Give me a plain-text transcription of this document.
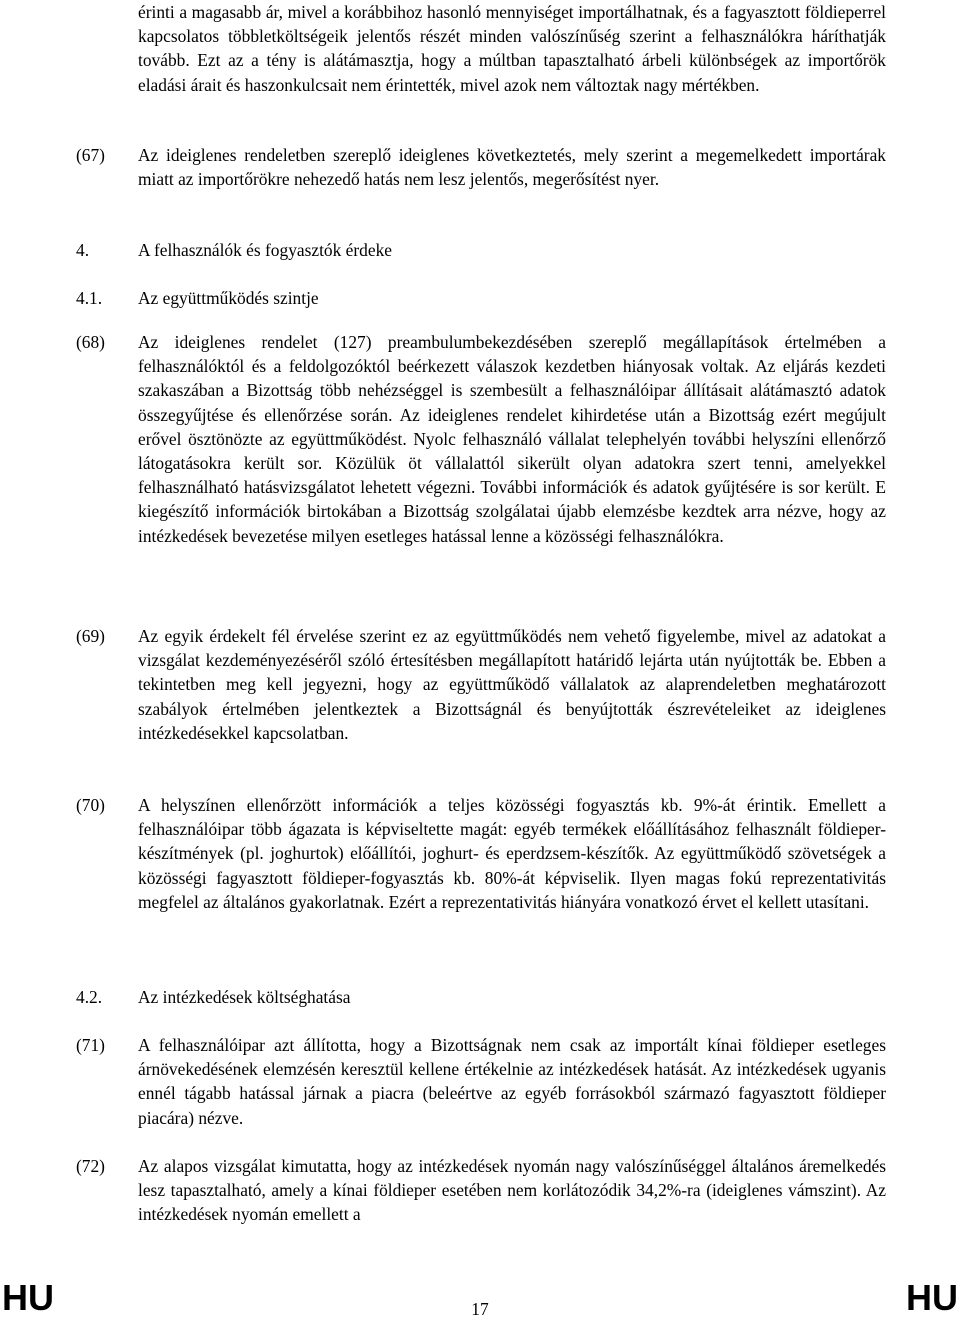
érinti a magasabb ár, mivel a korábbihoz hasonló mennyiséget importálhatnak, és a fagyasztott földieperrel kapcsolatos többletköltségeik jelentős részét minden valószínűség szerint a felhasználókra háríthatják tovább. Ezt az a tény is alátámasztja, hogy a múltban tapasztalható árbeli különbségek az importőrök eladási árait és haszonkulcsait nem érintették, mivel azok nem változtak nagy mértékben.
(67) Az ideiglenes rendeletben szereplő ideiglenes következtetés, mely szerint a megemelkedett importárak miatt az importőrökre nehezedő hatás nem lesz jelentős, megerősítést nyer.
4.	A felhasználók és fogyasztók érdeke
4.1. Az együttműködés szintje
(68) Az ideiglenes rendelet (127) preambulumbekezdésében szereplő megállapítások értelmében a felhasználóktól és a feldolgozóktól beérkezett válaszok kezdetben hiányosak voltak. Az eljárás kezdeti szakaszában a Bizottság több nehézséggel is szembesült a felhasználóipar állításait alátámasztó adatok összegyűjtése és ellenőrzése során. Az ideiglenes rendelet kihirdetése után a Bizottság ezért megújult erővel ösztönözte az együttműködést. Nyolc felhasználó vállalat telephelyén további helyszíni ellenőrző látogatásokra került sor. Közülük öt vállalattól sikerült olyan adatokra szert tenni, amelyekkel felhasználható hatásvizsgálatot lehetett végezni. További információk és adatok gyűjtésére is sor került. E kiegészítő információk birtokában a Bizottság szolgálatai újabb elemzésbe kezdtek arra nézve, hogy az intézkedések bevezetése milyen esetleges hatással lenne a közösségi felhasználókra.
(69) Az egyik érdekelt fél érvelése szerint ez az együttműködés nem vehető figyelembe, mivel az adatokat a vizsgálat kezdeményezéséről szóló értesítésben megállapított határidő lejárta után nyújtották be. Ebben a tekintetben meg kell jegyezni, hogy az együttműködő vállalatok az alaprendeletben meghatározott szabályok értelmében jelentkeztek a Bizottságnál és benyújtották észrevételeiket az ideiglenes intézkedésekkel kapcsolatban.
(70) A helyszínen ellenőrzött információk a teljes közösségi fogyasztás kb. 9%-át érintik. Emellett a felhasználóipar több ágazata is képviseltette magát: egyéb termékek előállításához felhasznált földieper-készítmények (pl. joghurtok) előállítói, joghurt- és eperdzsem-készítők. Az együttműködő szövetségek a közösségi fagyasztott földieper-fogyasztás kb. 80%-át képviselik. Ilyen magas fokú reprezentativitás megfelel az általános gyakorlatnak. Ezért a reprezentativitás hiányára vonatkozó érvet el kellett utasítani.
4.2. Az intézkedések költséghatása
(71) A felhasználóipar azt állította, hogy a Bizottságnak nem csak az importált kínai földieper esetleges árnövekedésének elemzésén keresztül kellene értékelnie az intézkedések hatását. Az intézkedések ugyanis ennél tágabb hatással járnak a piacra (beleértve az egyéb forrásokból származó fagyasztott földieper piacára) nézve.
(72) Az alapos vizsgálat kimutatta, hogy az intézkedések nyomán nagy valószínűséggel általános áremelkedés lesz tapasztalható, amely a kínai földieper esetében nem korlátozódik 34,2%-ra (ideiglenes vámszint). Az intézkedések nyomán emellett a
HU	17	HU
